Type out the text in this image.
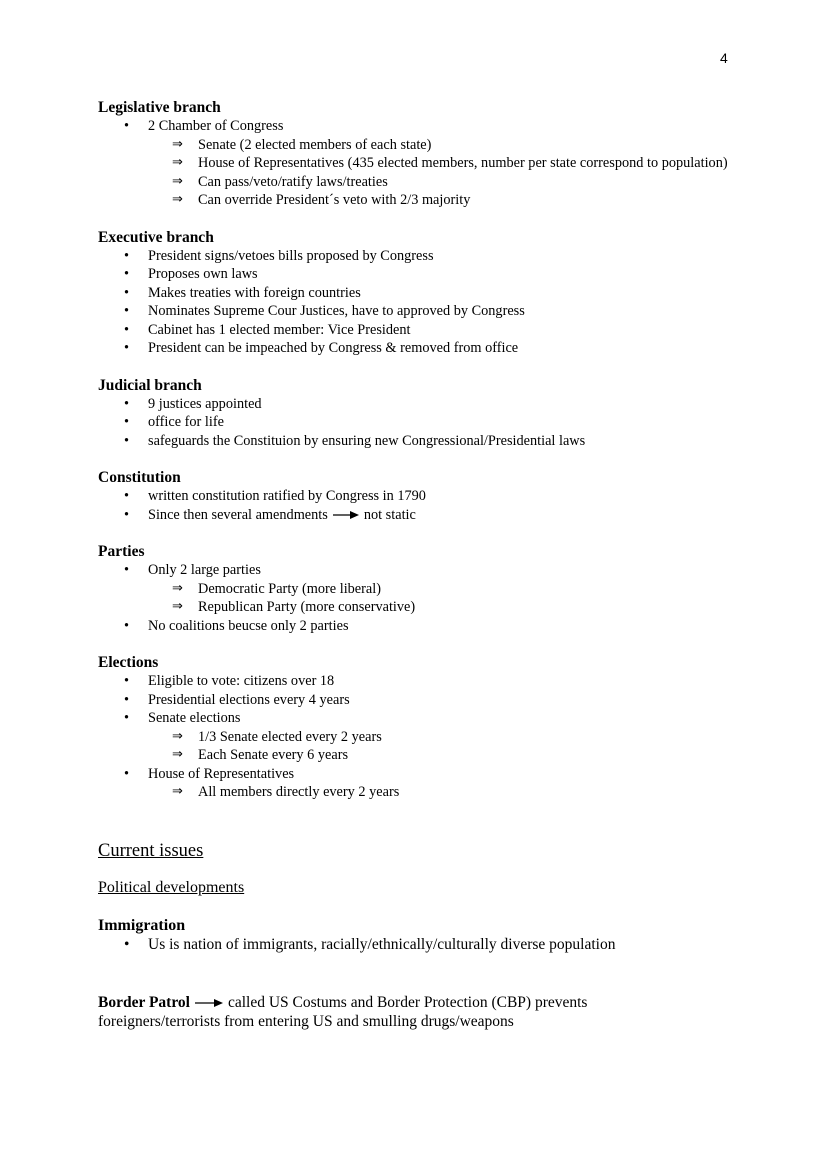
4

Legislative branch

• 2 Chamber of Congress
⇒ Senate (2 elected members of each state)
⇒ House of Representatives (435 elected members, number per state correspond to population)
⇒ Can pass/veto/ratify laws/treaties
⇒ Can override President´s veto with 2/3 majority

Executive branch

• President signs/vetoes bills proposed by Congress
• Proposes own laws
• Makes treaties with foreign countries
• Nominates Supreme Cour Justices, have to approved by Congress
• Cabinet has 1 elected member: Vice President
• President can be impeached by Congress & removed from office

Judicial branch

• 9 justices appointed
• office for life
• safeguards the Constituion by ensuring new Congressional/Presidential laws

Constitution

• written constitution ratified by Congress in 1790
• Since then several amendments	not static

Parties

• Only 2 large parties
⇒ Democratic Party (more liberal)
⇒ Republican Party (more conservative)
• No coalitions beucse only 2 parties

Elections

• Eligible to vote: citizens over 18
• Presidential elections every 4 years
• Senate elections
⇒ 1/3 Senate elected every 2 years
⇒ Each Senate every 6 years
• House of Representatives
⇒ All members directly every 2 years

Current issues

Political developments

Immigration

• Us is nation of immigrants, racially/ethnically/culturally diverse population

Border Patrol called US Costums and Border Protection (CBP) prevents
foreigners/terrorists from entering US and smulling drugs/weapons
